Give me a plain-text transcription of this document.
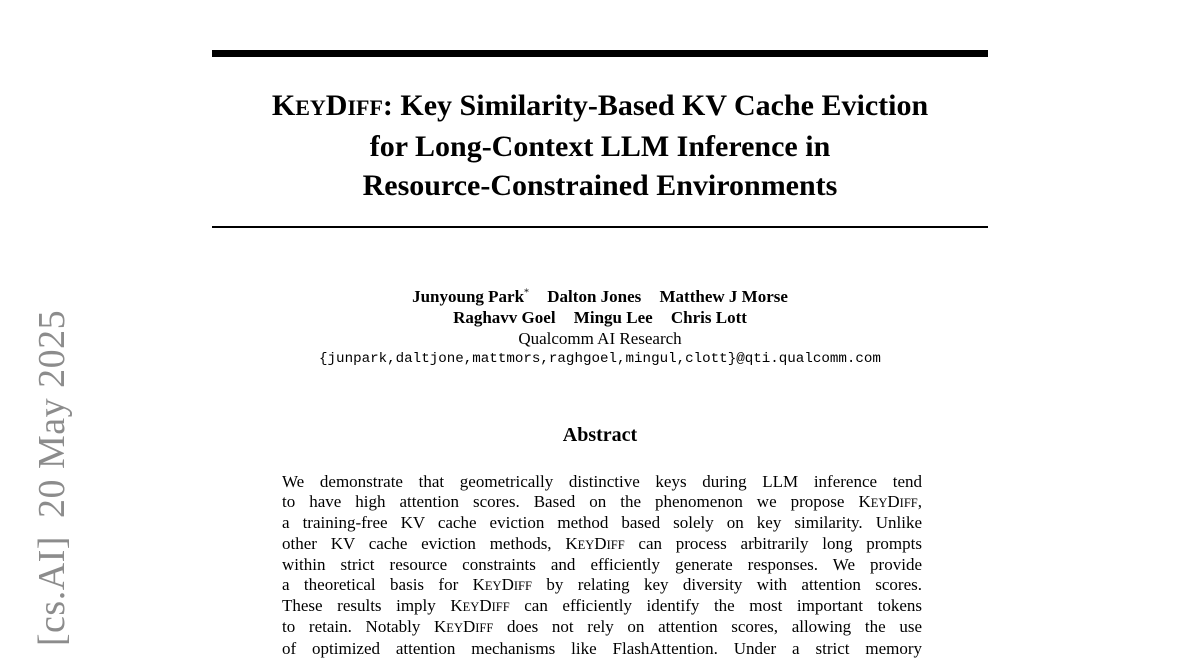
[cs.AI]20 May 2025
KEYDIFF: Key Similarity-Based KV Cache Eviction
for Long-Context LLM Inference in
Resource-Constrained Environments
Junyoung Park* Dalton Jones Matthew J Morse
Raghavv Goel Mingu Lee Chris Lott
Qualcomm AI Research
{junpark,daltjone,mattmors,raghgoel,mingul,clott}@qti.qualcomm.com
Abstract
We demonstrate that geometrically distinctive keys during LLM inference tend
to have high attention scores. Based on the phenomenon we propose KEYDIFF,
a training-free KV cache eviction method based solely on key similarity. Unlike
other KV cache eviction methods, KEYDIFF can process arbitrarily long prompts
within strict resource constraints and efficiently generate responses. We provide
a theoretical basis for KEYDIFF by relating key diversity with attention scores.
These results imply KEYDIFF can efficiently identify the most important tokens
to retain. Notably KEYDIFF does not rely on attention scores, allowing the use
of optimized attention mechanisms like FlashAttention. Under a strict memory
